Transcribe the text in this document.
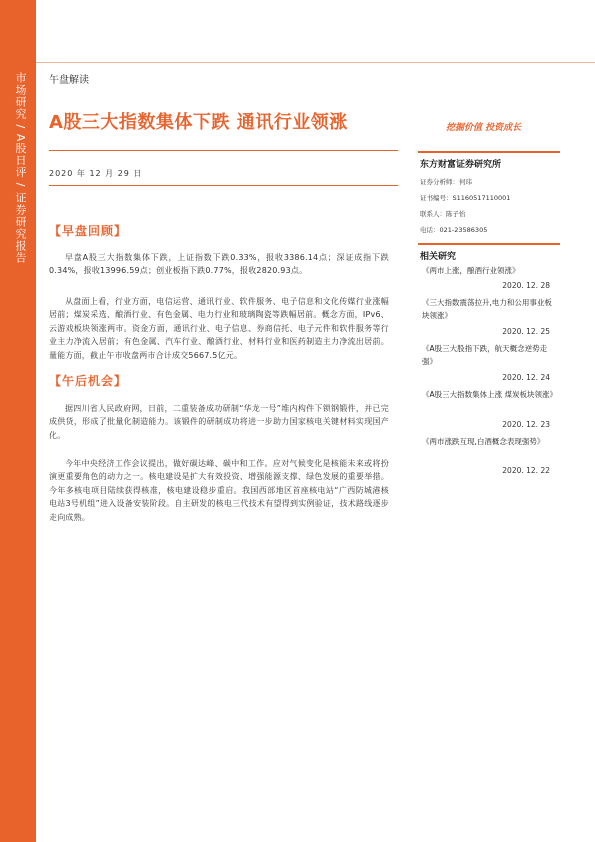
市场研究 / A股日评 / 证券研究报告 午盘解读
A股三大指数集体下跌 通讯行业领涨	挖掘价值 投资成长
2020 年 12 月 29 日
【早盘回顾】

早盘A股三大指数集体下跌，上证指数下跌0.33%，报收3386.14点；深证成指下跌0.34%，报收13996.59点；创业板指下跌0.77%，报收2820.93点。

从盘面上看，行业方面，电信运营、通讯行业、软件服务、电子信息和文化传媒行业涨幅居前；煤炭采选、酿酒行业、有色金属、电力行业和玻璃陶瓷等跌幅居前。概念方面，IPv6、云游戏板块领涨两市。资金方面，通讯行业、电子信息、券商信托、电子元件和软件服务等行业主力净流入居前；有色金属、汽车行业、酿酒行业、材料行业和医药制造主力净流出居前。量能方面，截止午市收盘两市合计成交5667.5亿元。

【午后机会】

据四川省人民政府网，日前，二重装备成功研制“华龙一号”堆内构件下锁钢锻件，并已完成供货，形成了批量化制造能力。该锻件的研制成功将进一步助力国家核电关键材料实现国产化。

今年中央经济工作会议提出，做好碳达峰、碳中和工作。应对气候变化是核能未来或将扮演更重要角色的动力之一。核电建设是扩大有效投资、增强能源支撑、绿色发展的重要举措。今年多核电项目陆续获得核准，核电建设稳步重启。我国西部地区首座核电站“广西防城港核电站3号机组”进入设备安装阶段。自主研发的核电三代技术有望得到实例验证，技术路线逐步走向成熟。

东方财富证券研究所
证券分析师：何玮
证书编号：S1160517110001
联系人：陈子怡
电话：021-23586305
相关研究
《两市上涨，酿酒行业领涨》
2020. 12. 28
《三大指数震荡拉升,电力和公用事业板块领涨》
2020. 12. 25
《A股三大股指下跌，航天概念逆势走强》
2020. 12. 24
《A股三大指数集体上涨 煤炭板块领涨》
2020. 12. 23
《两市涨跌互现,白酒概念表现强势》
2020. 12. 22
